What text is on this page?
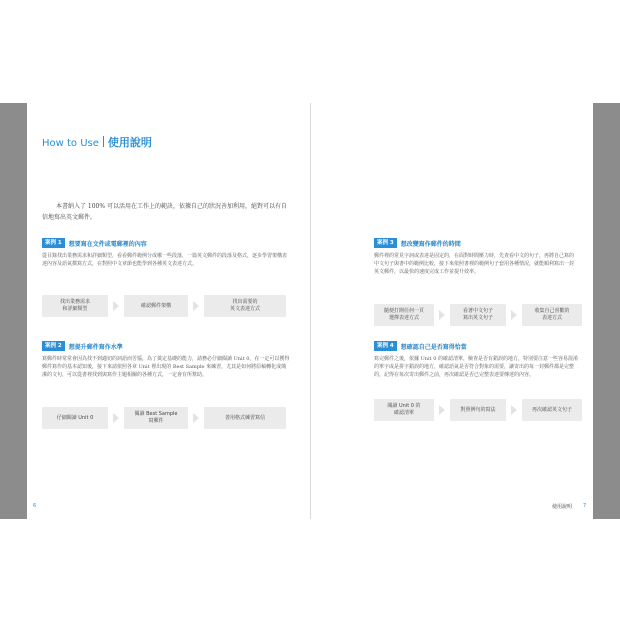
How to Use 使用說明

本書納入了 100% 可以活用在工作上的範訣，依據自己的狀況善加利用，絕對可以有自信地寫出英文郵件。

案例 1	想要寫在文件或電郵裡的內容

從目錄找出業務需求和詳細類型，看看郵件範例分成哪一些段落，一篇英文郵件的段落及格式，逐步學習架構表達內容及語氣撰寫方式，在對照中文章節也能學到各種英文表達方式。

找出業務需求
和詳細類型
確認郵件架構
找出需要的
英文表達方式
案例 2	想提升郵件寫作水準

寫郵件時常常會因為找不到適切的詞語而苦惱，為了奠定基礎的能力，請務必仔細閱讀 Unit 0，在一定可以獲得郵件寫作的基本認知後，接下來請依照各章 Unit 裡出現的 Best Sample 來練習，尤其是如何將原稿轉化成簡潔的文句，可以從書裡找到與寫作主題相關的各種方式，一定會有所幫助。

仔細閱讀 Unit 0
閱讀 Best Sample
寫郵件
善用格式練習寫信
6
案例 3	想改變寫作郵件的時間

郵件裡的常見字詞或表達是固定的，在面對時間壓力時，先查看中文的句子，再將自己寫的中文句子與書中的範例比較，接下來依照書裡的範例句子套用各種情況，就能順利寫出一封英文郵件，以最快的速度完成工作並提升效率。

隨便打開任何一頁
選擇表達方式
看著中文句子
寫出英文句子
收集自己喜歡的
表達方式
案例 4	想確認自己是否寫得恰當

寫完郵件之後，依據 Unit 0 的確認清單，檢查是否有錯誤的地方，特別要注意一些容易混淆的單字或是拼字錯誤的地方，確認語氣是否符合對象的需要，讓寄出的每一封郵件都是完整的，記得在每次寄出郵件之前，再次確認是否已完整表達要傳達的內容。

閱讀 Unit 0 的
確認清單
對照例句的寫法	再次確認英文句子
使用說明 7
